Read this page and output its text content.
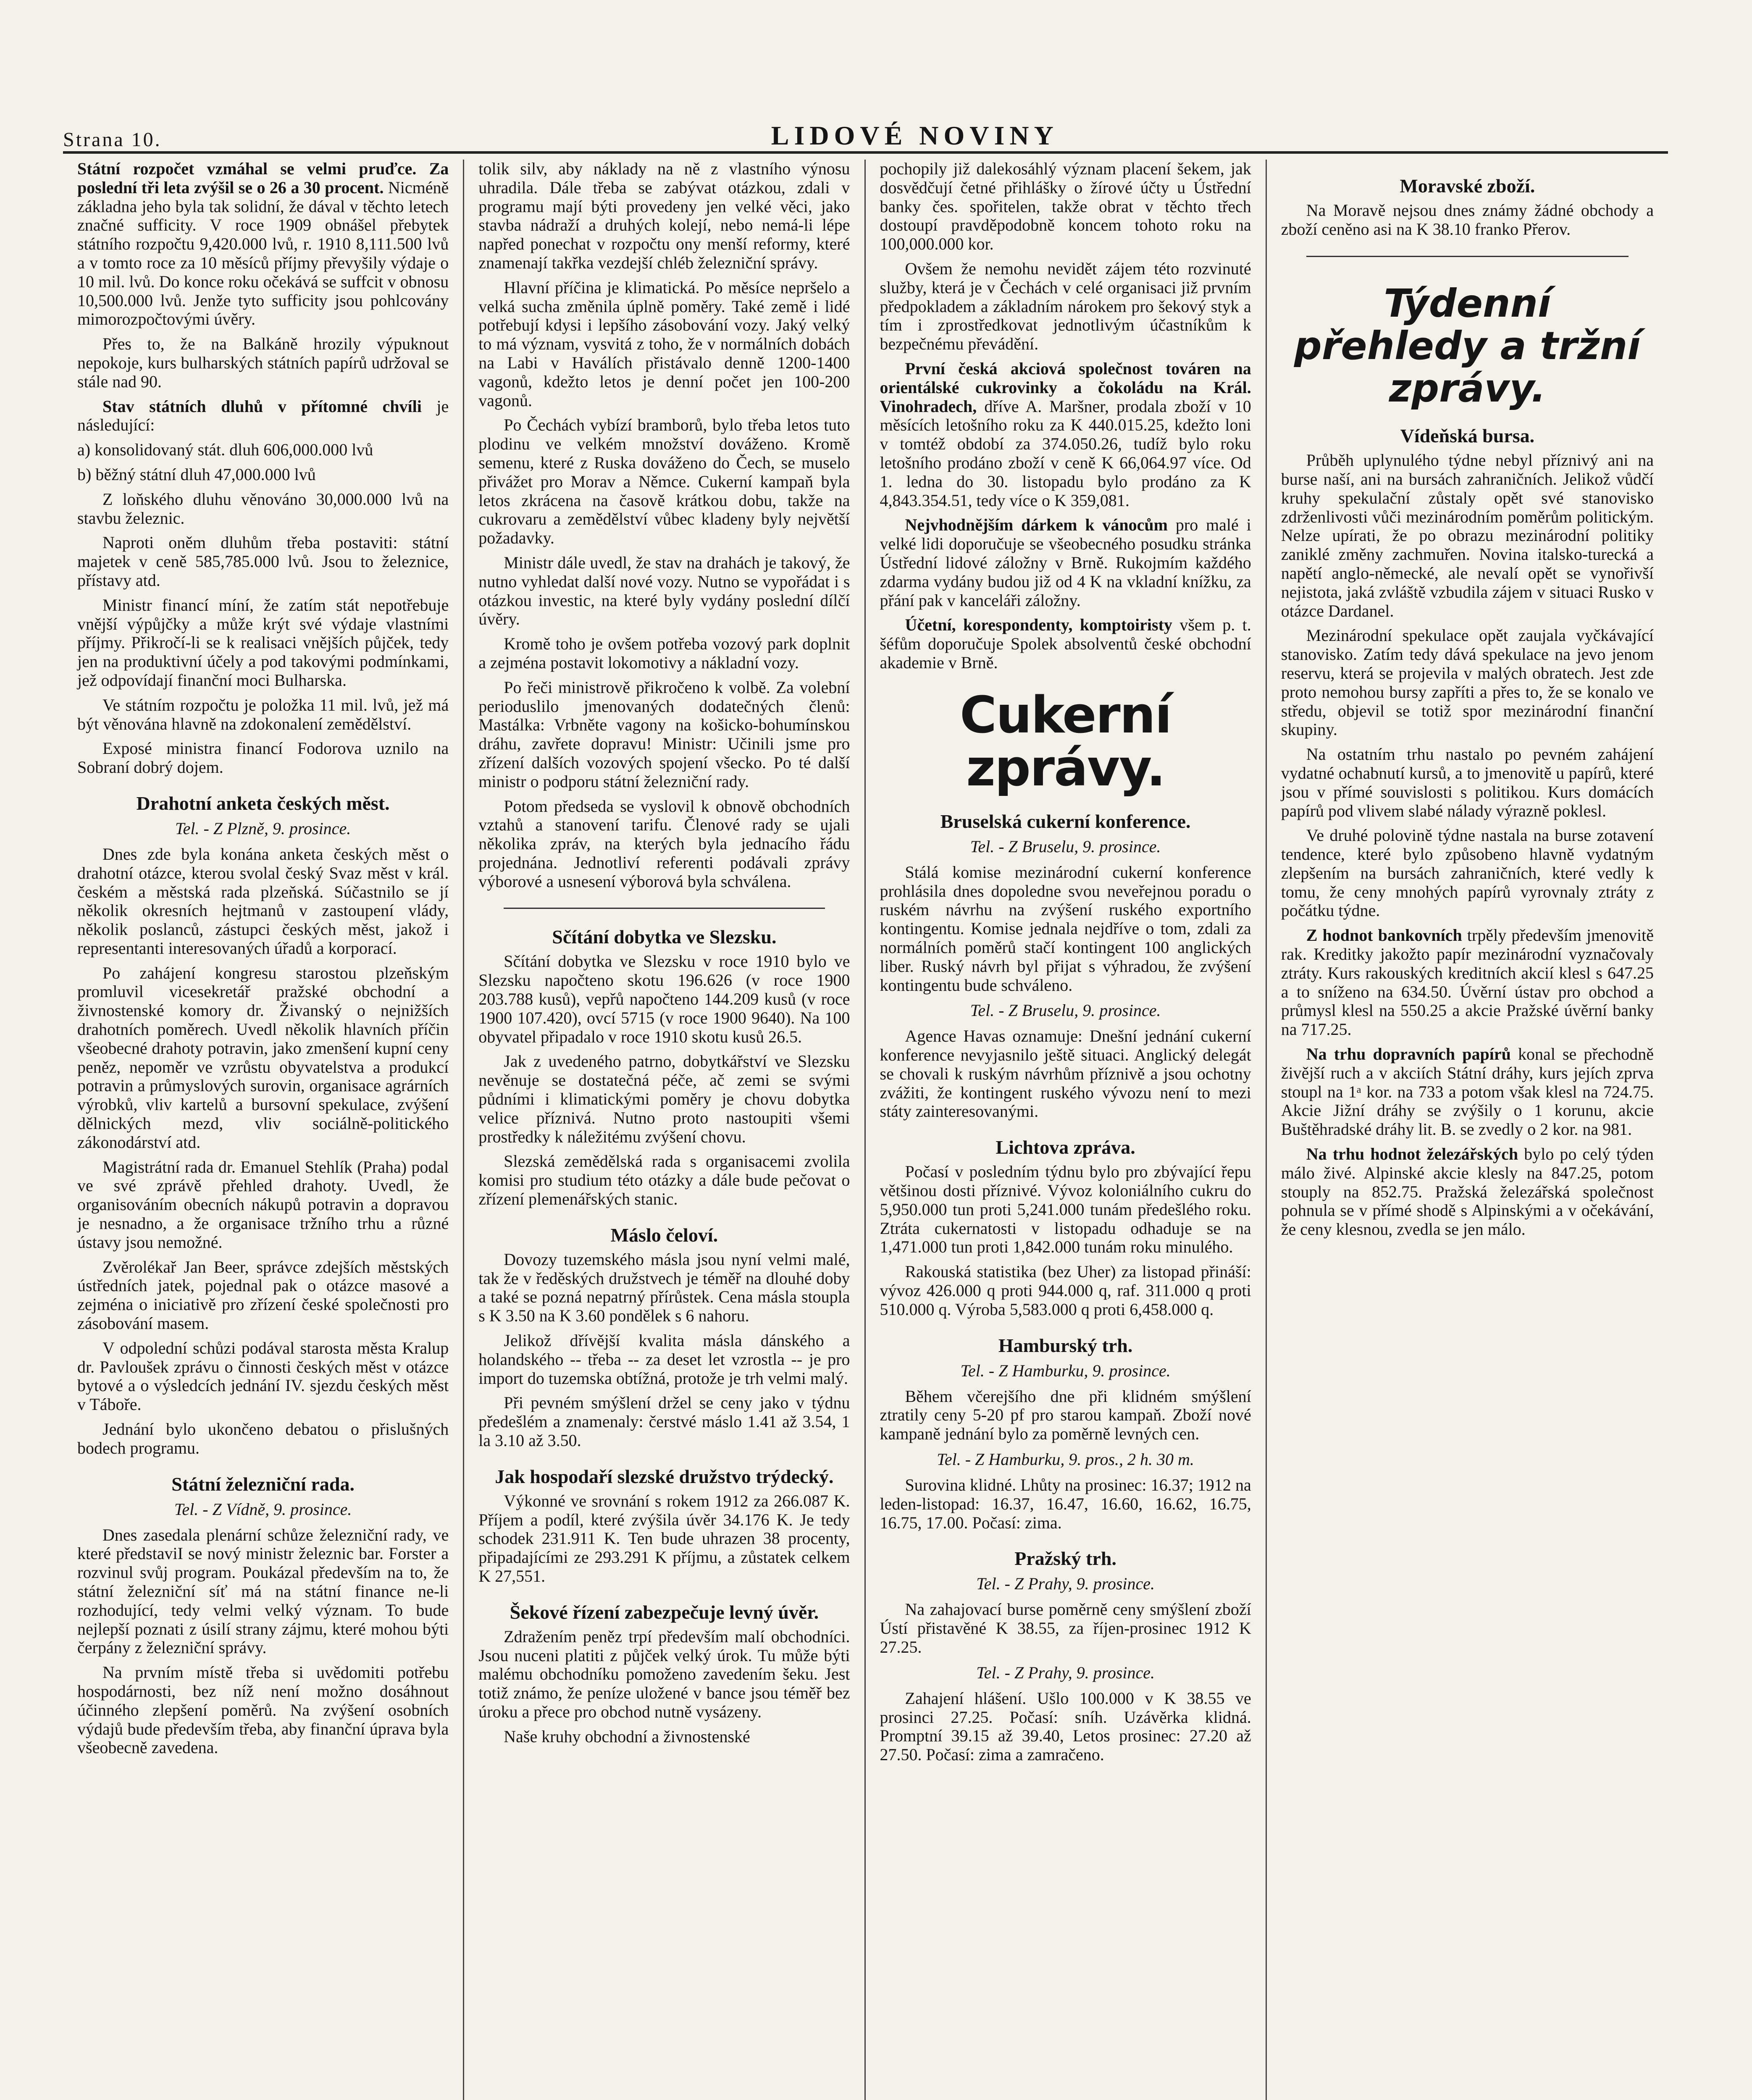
Strana 10.	LIDOVÉ NOVINY

Státní rozpočet vzmáhal se velmi pruďce. Za poslední tři leta zvýšil se o 26 a 30 procent. Nicméně základna jeho byla tak solidní, že dával v těchto letech značné sufficity. V roce 1909 obnášel přebytek státního rozpočtu 9,420.000 lvů, r. 1910 8,111.500 lvů a v tomto roce za 10 měsíců příjmy převyšily výdaje o 10 mil. lvů. Do konce roku očekává se suffcit v obnosu 10,500.000 lvů. Jenže tyto sufficity jsou pohlcovány mimorozpočtovými úvěry.

Přes to, že na Balkáně hrozily výpuknout nepokoje, kurs bulharských státních papírů udržoval se stále nad 90.

Stav státních dluhů v přítomné chvíli je následující:

a) konsolidovaný stát. dluh 606,000.000 lvů

b) běžný státní dluh 47,000.000 lvů

Z loňského dluhu věnováno 30,000.000 lvů na stavbu železnic.

Naproti oněm dluhům třeba postaviti: státní majetek v ceně 585,785.000 lvů. Jsou to železnice, přístavy atd.

Ministr financí míní, že zatím stát nepotřebuje vnější výpůjčky a může krýt své výdaje vlastními příjmy. Přikročí-li se k realisaci vnějších půjček, tedy jen na produktivní účely a pod takovými podmínkami, jež odpovídají finanční moci Bulharska.

Ve státním rozpočtu je položka 11 mil. lvů, jež má být věnována hlavně na zdokonalení zemědělství.

Exposé ministra financí Fodorova uznilo na Sobraní dobrý dojem.

Drahotní anketa českých měst.
Tel. - Z Plzně, 9. prosince.

Dnes zde byla konána anketa českých měst o drahotní otázce, kterou svolal český Svaz měst v král. českém a městská rada plzeňská. Súčastnilo se jí několik okresních hejtmanů v zastoupení vlády, několik poslanců, zástupci českých měst, jakož i representanti interesovaných úřadů a korporací.

Po zahájení kongresu starostou plzeňským promluvil vicesekretář pražské obchodní a živnostenské komory dr. Živanský o nejnižších drahotních poměrech. Uvedl několik hlavních příčin všeobecné drahoty potravin, jako zmenšení kupní ceny peněz, nepoměr ve vzrůstu obyvatelstva a produkcí potravin a průmyslových surovin, organisace agrárních výrobků, vliv kartelů a bursovní spekulace, zvýšení dělnických mezd, vliv sociálně-politického zákonodárství atd.

Magistrátní rada dr. Emanuel Stehlík (Praha) podal ve své zprávě přehled drahoty. Uvedl, že organisováním obecních nákupů potravin a dopravou je nesnadno, a že organisace tržního trhu a různé ústavy jsou nemožné.

Zvěrolékař Jan Beer, správce zdejších městských ústředních jatek, pojednal pak o otázce masové a zejména o iniciativě pro zřízení české společnosti pro zásobování masem.

V odpolední schůzi podával starosta města Kralup dr. Pavloušek zprávu o činnosti českých měst v otázce bytové a o výsledcích jednání IV. sjezdu českých měst v Táboře.

Jednání bylo ukončeno debatou o přislušných bodech programu.

Státní železniční rada.
Tel. - Z Vídně, 9. prosince.

Dnes zasedala plenární schůze železniční rady, ve které představiI se nový ministr železnic bar. Forster a rozvinul svůj program. Poukázal především na to, že státní železniční síť má na státní finance ne-li rozhodující, tedy velmi velký význam. To bude nejlepší poznati z úsilí strany zájmu, které mohou býti čerpány z železniční správy.

Na prvním místě třeba si uvědomiti potřebu hospodárnosti, bez níž není možno dosáhnout účinného zlepšení poměrů. Na zvýšení osobních výdajů bude především třeba, aby finanční úprava byla všeobecně zavedena.

tolik silv, aby náklady na ně z vlastního výnosu uhradila. Dále třeba se zabývat otázkou, zdali v programu mají býti provedeny jen velké věci, jako stavba nádraží a druhých kolejí, nebo nemá-li lépe napřed ponechat v rozpočtu ony menší reformy, které znamenají takřka vezdejší chléb železniční správy.

Hlavní příčina je klimatická. Po měsíce nepršelo a velká sucha změnila úplně poměry. Také země i lidé potřebují kdysi i lepšího zásobování vozy. Jaký velký to má význam, vysvitá z toho, že v normálních dobách na Labi v Haválích přistávalo denně 1200-1400 vagonů, kdežto letos je denní počet jen 100-200 vagonů.

Po Čechách vybízí bramborů, bylo třeba letos tuto plodinu ve velkém množství dováženo. Kromě semenu, které z Ruska dováženo do Čech, se muselo přivážet pro Morav a Němce. Cukerní kampaň byla letos zkrácena na časově krátkou dobu, takže na cukrovaru a zemědělství vůbec kladeny byly největší požadavky.

Ministr dále uvedl, že stav na drahách je takový, že nutno vyhledat další nové vozy. Nutno se vypořádat i s otázkou investic, na které byly vydány poslední dílčí úvěry.

Kromě toho je ovšem potřeba vozový park doplnit a zejména postavit lokomotivy a nákladní vozy.

Po řeči ministrově přikročeno k volbě. Za volební perioduslilo jmenovaných dodatečných členů: Mastálka: Vrbněte vagony na košicko-bohumínskou dráhu, zavřete dopravu! Ministr: Učinili jsme pro zřízení dalších vozových spojení všecko. Po té další ministr o podporu státní železniční rady.

Potom předseda se vyslovil k obnově obchodních vztahů a stanovení tarifu. Členové rady se ujali několika zpráv, na kterých byla jednacího řádu projednána. Jednotliví referenti podávali zprávy výborové a usnesení výborová byla schválena.

Sčítání dobytka ve Slezsku.

Sčítání dobytka ve Slezsku v roce 1910 bylo ve Slezsku napočteno skotu 196.626 (v roce 1900 203.788 kusů), vepřů napočteno 144.209 kusů (v roce 1900 107.420), ovcí 5715 (v roce 1900 9640). Na 100 obyvatel připadalo v roce 1910 skotu kusů 26.5.

Jak z uvedeného patrno, dobytkářství ve Slezsku nevěnuje se dostatečná péče, ač zemi se svými půdními i klimatickými poměry je chovu dobytka velice příznivá. Nutno proto nastoupiti všemi prostředky k náležitému zvýšení chovu.

Slezská zemědělská rada s organisacemi zvolila komisi pro studium této otázky a dále bude pečovat o zřízení plemenářských stanic.

Máslo čeloví.

Dovozy tuzemského másla jsou nyní velmi malé, tak že v ředěských družstvech je téměř na dlouhé doby a také se pozná nepatrný přírůstek. Cena másla stoupla s K 3.50 na K 3.60 pondělek s 6 nahoru.

Jelikož dřívější kvalita másla dánského a holandského -- třeba -- za deset let vzrostla -- je pro import do tuzemska obtížná, protože je trh velmi malý.

Při pevném smýšlení držel se ceny jako v týdnu předešlém a znamenaly: čerstvé máslo 1.41 až 3.54, 1 la 3.10 až 3.50.

Jak hospodaří slezské družstvo trýdecký.

Výkonné ve srovnání s rokem 1912 za 266.087 K. Příjem a podíl, které zvýšila úvěr 34.176 K. Je tedy schodek 231.911 K. Ten bude uhrazen 38 procenty, připadajícími ze 293.291 K příjmu, a zůstatek celkem K 27,551.

Šekové řízení zabezpečuje levný úvěr.

Zdražením peněz trpí především malí obchodníci. Jsou nuceni platiti z půjček velký úrok. Tu může býti malému obchodníku pomoženo zavedením šeku. Jest totiž známo, že peníze uložené v bance jsou téměř bez úroku a přece pro obchod nutně vysázeny.

Naše kruhy obchodní a živnostenské

pochopily již dalekosáhlý význam placení šekem, jak dosvědčují četné přihlášky o žírové účty u Ústřední banky čes. spořitelen, takže obrat v těchto třech dostoupí pravděpodobně koncem tohoto roku na 100,000.000 kor.

Ovšem že nemohu nevidět zájem této rozvinuté služby, která je v Čechách v celé organisaci již prvním předpokladem a základním nárokem pro šekový styk a tím i zprostředkovat jednotlivým účastníkům k bezpečnému převádění.

První česká akciová společnost továren na orientálské cukrovinky a čokoládu na Král. Vinohradech, dříve A. Maršner, prodala zboží v 10 měsících letošního roku za K 440.015.25, kdežto loni v tomtéž období za 374.050.26, tudíž bylo roku letošního prodáno zboží v ceně K 66,064.97 více. Od 1. ledna do 30. listopadu bylo prodáno za K 4,843.354.51, tedy více o K 359,081.

Nejvhodnějším dárkem k vánocům pro malé i velké lidi doporučuje se všeobecného posudku stránka Ústřední lidové záložny v Brně. Rukojmím každého zdarma vydány budou již od 4 K na vkladní knížku, za přání pak v kanceláři záložny.

Účetní, korespondenty, komptoiristy všem p. t. šéfům doporučuje Spolek absolventů české obchodní akademie v Brně.

Cukerní zprávy.
Bruselská cukerní konference.
Tel. - Z Bruselu, 9. prosince.

Stálá komise mezinárodní cukerní konference prohlásila dnes dopoledne svou neveřejnou poradu o ruském návrhu na zvýšení ruského exportního kontingentu. Komise jednala nejdříve o tom, zdali za normálních poměrů stačí kontingent 100 anglických liber. Ruský návrh byl přijat s výhradou, že zvýšení kontingentu bude schváleno.

Tel. - Z Bruselu, 9. prosince.

Agence Havas oznamuje: Dnešní jednání cukerní konference nevyjasnilo ještě situaci. Anglický delegát se chovali k ruským návrhům příznivě a jsou ochotny zvážiti, že kontingent ruského vývozu není to mezi státy zainteresovanými.

Lichtova zpráva.

Počasí v posledním týdnu bylo pro zbývající řepu většinou dosti příznivé. Vývoz koloniálního cukru do 5,950.000 tun proti 5,241.000 tunám předešlého roku. Ztráta cukernatosti v listopadu odhaduje se na 1,471.000 tun proti 1,842.000 tunám roku minulého.

Rakouská statistika (bez Uher) za listopad přináší: vývoz 426.000 q proti 944.000 q, raf. 311.000 q proti 510.000 q. Výroba 5,583.000 q proti 6,458.000 q.

Hamburský trh.
Tel. - Z Hamburku, 9. prosince.

Během včerejšího dne při klidném smýšlení ztratily ceny 5-20 pf pro starou kampaň. Zboží nové kampaně jednání bylo za poměrně levných cen.

Tel. - Z Hamburku, 9. pros., 2 h. 30 m.

Surovina klidné. Lhůty na prosinec: 16.37; 1912 na leden-listopad: 16.37, 16.47, 16.60, 16.62, 16.75, 16.75, 17.00. Počasí: zima.

Pražský trh.
Tel. - Z Prahy, 9. prosince.

Na zahajovací burse poměrně ceny smýšlení zboží Ústí přistavěné K 38.55, za říjen-prosinec 1912 K 27.25.

Tel. - Z Prahy, 9. prosince.

Zahajení hlášení. Ušlo 100.000 v K 38.55 ve prosinci 27.25. Počasí: sníh. Uzávěrka klidná. Promptní 39.15 až 39.40, Letos prosinec: 27.20 až 27.50. Počasí: zima a zamračeno.

Moravské zboží.

Na Moravě nejsou dnes známy žádné obchody a zboží ceněno asi na K 38.10 franko Přerov.

Týdenní přehledy a tržní zprávy.
Vídeňská bursa.

Průběh uplynulého týdne nebyl příznivý ani na burse naší, ani na bursách zahraničních. Jelikož vůdčí kruhy spekulační zůstaly opět své stanovisko zdrženlivosti vůči mezinárodním poměrům politickým. Nelze upírati, že po obrazu mezinárodní politiky zaniklé změny zachmuřen. Novina italsko-turecká a napětí anglo-německé, ale nevalí opět se vynořivší nejistota, jaká zvláště vzbudila zájem v situaci Rusko v otázce Dardanel.

Mezinárodní spekulace opět zaujala vyčkávající stanovisko. Zatím tedy dává spekulace na jevo jenom reservu, která se projevila v malých obratech. Jest zde proto nemohou bursy zapříti a přes to, že se konalo ve středu, objevil se totiž spor mezinárodní finanční skupiny.

Na ostatním trhu nastalo po pevném zahájení vydatné ochabnutí kursů, a to jmenovitě u papírů, které jsou v přímé souvislosti s politikou. Kurs domácích papírů pod vlivem slabé nálady výrazně poklesl.

Ve druhé polovině týdne nastala na burse zotavení tendence, které bylo způsobeno hlavně vydatným zlepšením na bursách zahraničních, které vedly k tomu, že ceny mnohých papírů vyrovnaly ztráty z počátku týdne.

Z hodnot bankovních trpěly především jmenovitě rak. Kreditky jakožto papír mezinárodní vyznačovaly ztráty. Kurs rakouských kreditních akcií klesl s 647.25 a to sníženo na 634.50. Úvěrní ústav pro obchod a průmysl klesl na 550.25 a akcie Pražské úvěrní banky na 717.25.

Na trhu dopravních papírů konal se přechodně živější ruch a v akciích Státní dráhy, kurs jejích zprva stoupl na 1ᵃ kor. na 733 a potom však klesl na 724.75. Akcie Jižní dráhy se zvýšily o 1 korunu, akcie Buštěhradské dráhy lit. B. se zvedly o 2 kor. na 981.

Na trhu hodnot železářských bylo po celý týden málo živé. Alpinské akcie klesly na 847.25, potom stouply na 852.75. Pražská železářská společnost pohnula se v přímé shodě s Alpinskými a v očekávání, že ceny klesnou, zvedla se jen málo.
